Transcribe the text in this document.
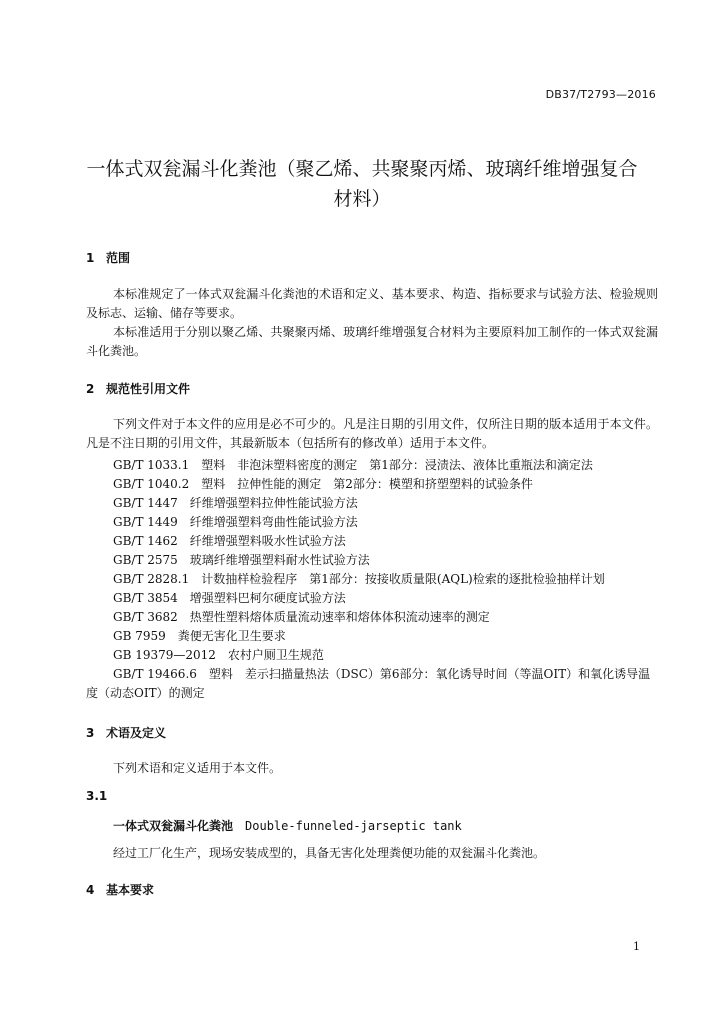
DB37/T2793—2016
一体式双瓮漏斗化粪池（聚乙烯、共聚聚丙烯、玻璃纤维增强复合
材料）
1 范围
本标准规定了一体式双瓮漏斗化粪池的术语和定义、基本要求、构造、指标要求与试验方法、检验规则及标志、运输、储存等要求。
本标准适用于分别以聚乙烯、共聚聚丙烯、玻璃纤维增强复合材料为主要原料加工制作的一体式双瓮漏斗化粪池。
2 规范性引用文件
下列文件对于本文件的应用是必不可少的。凡是注日期的引用文件，仅所注日期的版本适用于本文件。凡是不注日期的引用文件，其最新版本（包括所有的修改单）适用于本文件。
GB/T 1033.1　塑料　非泡沫塑料密度的测定　第1部分：浸渍法、液体比重瓶法和滴定法
GB/T 1040.2　塑料　拉伸性能的测定　第2部分：模塑和挤塑塑料的试验条件
GB/T 1447　纤维增强塑料拉伸性能试验方法
GB/T 1449　纤维增强塑料弯曲性能试验方法
GB/T 1462　纤维增强塑料吸水性试验方法
GB/T 2575　玻璃纤维增强塑料耐水性试验方法
GB/T 2828.1　计数抽样检验程序　第1部分：按接收质量限(AQL)检索的逐批检验抽样计划
GB/T 3854　增强塑料巴柯尔硬度试验方法
GB/T 3682　热塑性塑料熔体质量流动速率和熔体体积流动速率的测定
GB 7959　粪便无害化卫生要求
GB 19379—2012　农村户厕卫生规范
GB/T 19466.6　塑料　差示扫描量热法（DSC）第6部分：氧化诱导时间（等温OIT）和氧化诱导温度（动态OIT）的测定
3 术语及定义
下列术语和定义适用于本文件。
3.1
一体式双瓮漏斗化粪池 Double-funneled-jarseptic tank
经过工厂化生产，现场安装成型的，具备无害化处理粪便功能的双瓮漏斗化粪池。
4 基本要求
1
